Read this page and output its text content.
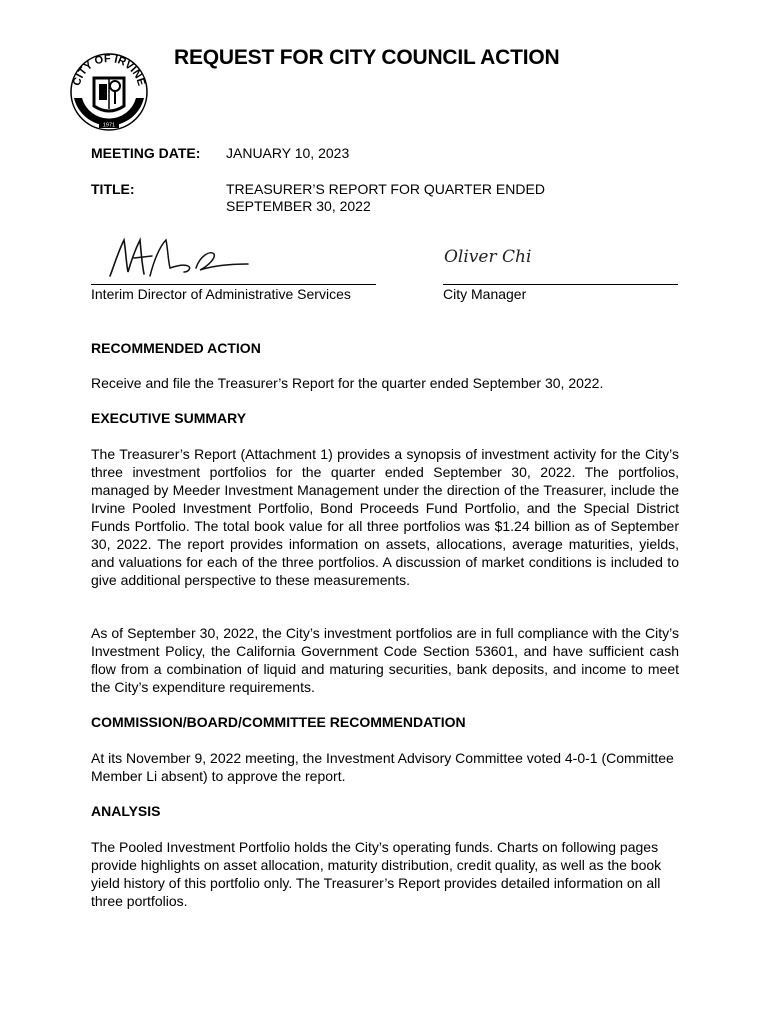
CITY OF IRVINE
1971
REQUEST FOR CITY COUNCIL ACTION
MEETING DATE: JANUARY 10, 2023
TITLE:	TREASURER’S REPORT FOR QUARTER ENDED
SEPTEMBER 30, 2022
Interim Director of Administrative Services
Oliver Chi
City Manager
RECOMMENDED ACTION

Receive and file the Treasurer’s Report for the quarter ended September 30, 2022.

EXECUTIVE SUMMARY

The Treasurer’s Report (Attachment 1) provides a synopsis of investment activity for the City’s three investment portfolios for the quarter ended September 30, 2022. The portfolios, managed by Meeder Investment Management under the direction of the Treasurer, include the Irvine Pooled Investment Portfolio, Bond Proceeds Fund Portfolio, and the Special District Funds Portfolio. The total book value for all three portfolios was $1.24 billion as of September 30, 2022. The report provides information on assets, allocations, average maturities, yields, and valuations for each of the three portfolios. A discussion of market conditions is included to give additional perspective to these measurements.

As of September 30, 2022, the City’s investment portfolios are in full compliance with the City’s Investment Policy, the California Government Code Section 53601, and have sufficient cash flow from a combination of liquid and maturing securities, bank deposits, and income to meet the City’s expenditure requirements.

COMMISSION/BOARD/COMMITTEE RECOMMENDATION

At its November 9, 2022 meeting, the Investment Advisory Committee voted 4-0-1 (Committee Member Li absent) to approve the report.

ANALYSIS

The Pooled Investment Portfolio holds the City’s operating funds. Charts on following pages provide highlights on asset allocation, maturity distribution, credit quality, as well as the book yield history of this portfolio only. The Treasurer’s Report provides detailed information on all three portfolios.
